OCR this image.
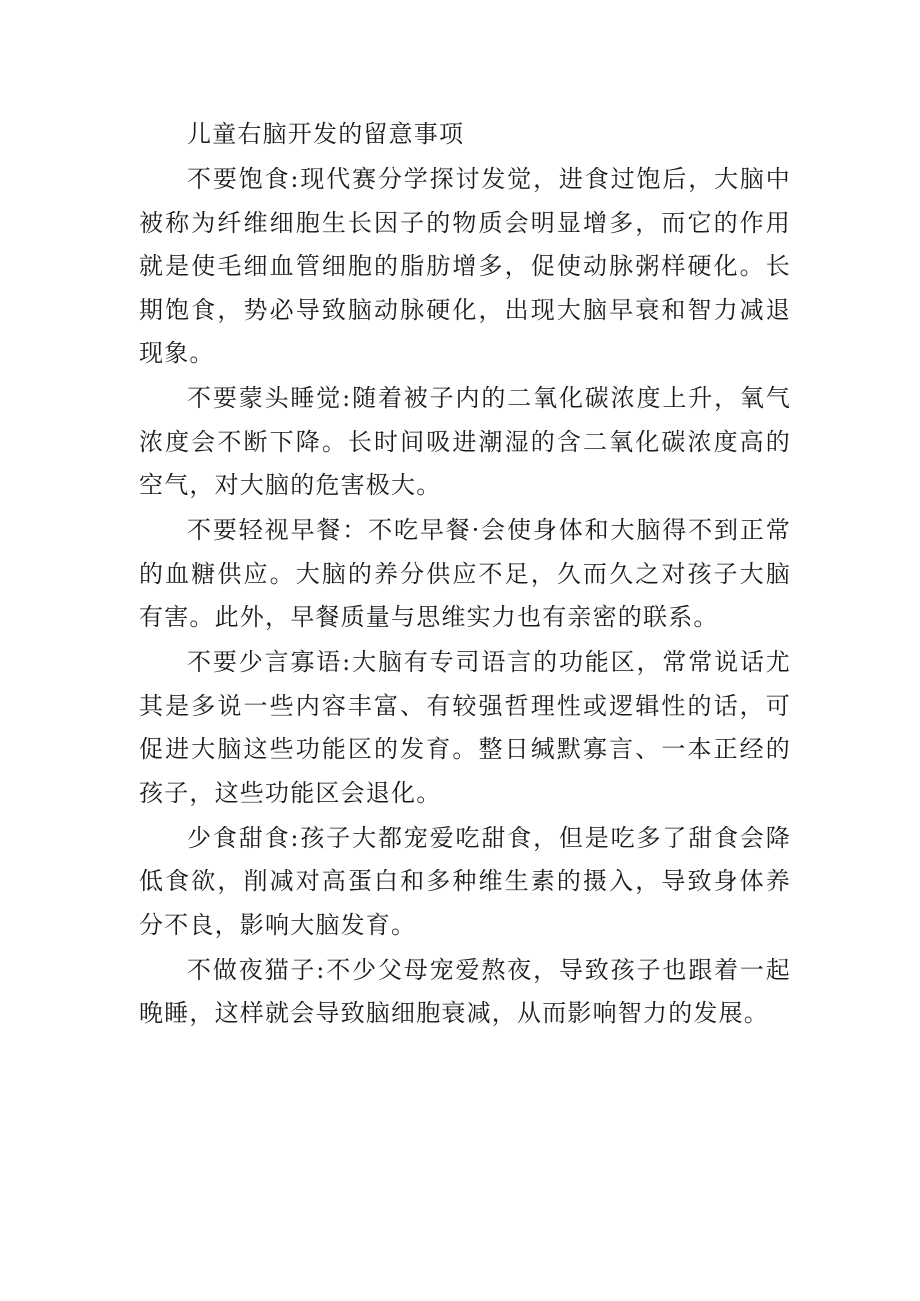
儿童右脑开发的留意事项

不要饱食:现代赛分学探讨发觉，进食过饱后，大脑中被称为纤维细胞生长因子的物质会明显增多，而它的作用就是使毛细血管细胞的脂肪增多，促使动脉粥样硬化。长期饱食，势必导致脑动脉硬化，出现大脑早衰和智力减退现象。

不要蒙头睡觉:随着被子内的二氧化碳浓度上升，氧气浓度会不断下降。长时间吸进潮湿的含二氧化碳浓度高的空气，对大脑的危害极大。

不要轻视早餐：不吃早餐·会使身体和大脑得不到正常的血糖供应。大脑的养分供应不足，久而久之对孩子大脑有害。此外，早餐质量与思维实力也有亲密的联系。

不要少言寡语:大脑有专司语言的功能区，常常说话尤其是多说一些内容丰富、有较强哲理性或逻辑性的话，可促进大脑这些功能区的发育。整日缄默寡言、一本正经的孩子，这些功能区会退化。

少食甜食:孩子大都宠爱吃甜食，但是吃多了甜食会降低食欲，削减对高蛋白和多种维生素的摄入，导致身体养分不良，影响大脑发育。

不做夜猫子:不少父母宠爱熬夜，导致孩子也跟着一起晚睡，这样就会导致脑细胞衰减，从而影响智力的发展。
